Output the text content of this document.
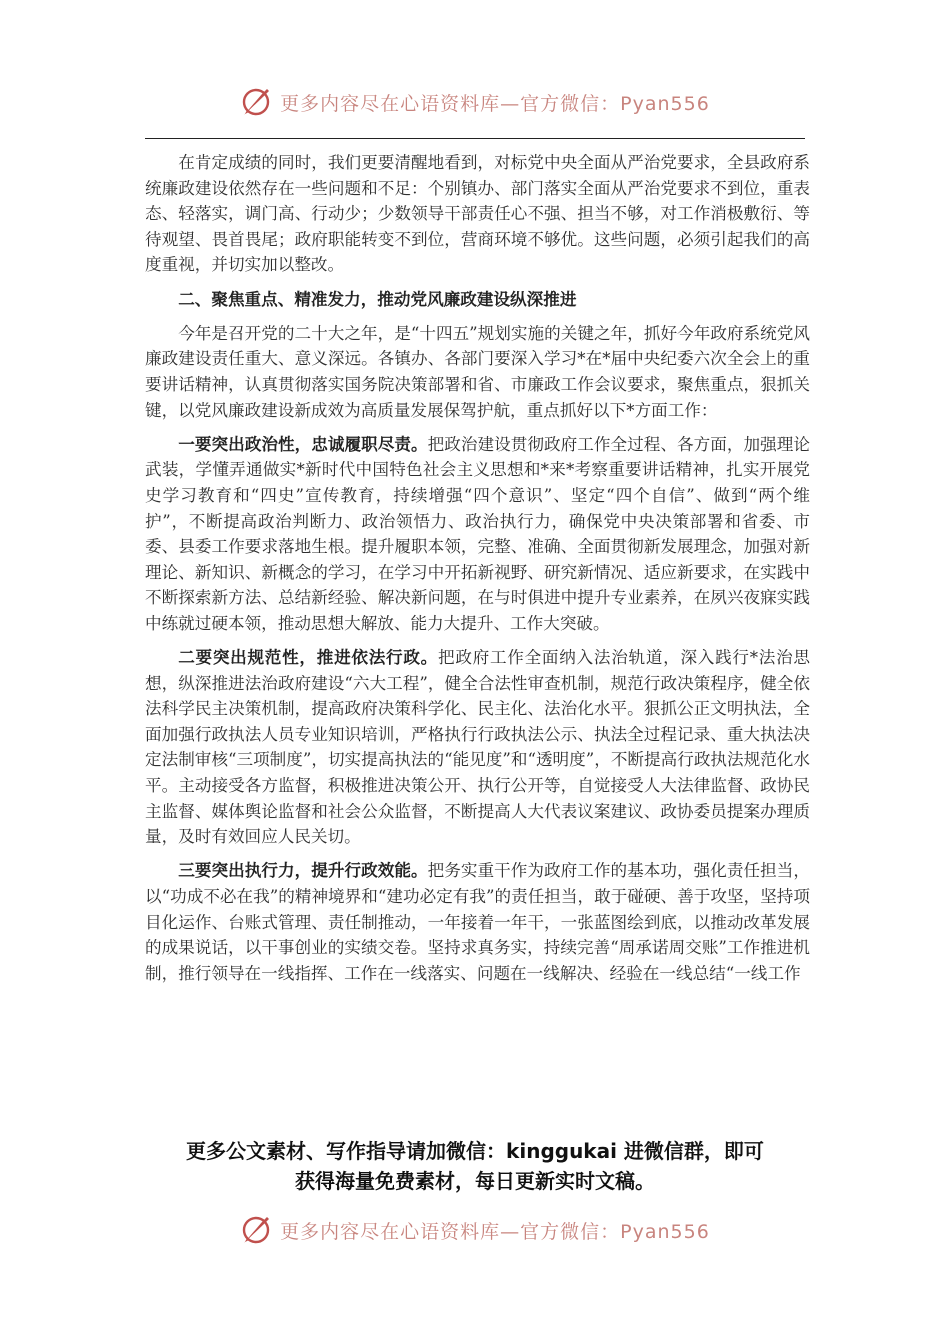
更多内容尽在心语资料库—官方微信：Pyan556

在肯定成绩的同时，我们更要清醒地看到，对标党中央全面从严治党要求，全县政府系统廉政建设依然存在一些问题和不足：个别镇办、部门落实全面从严治党要求不到位，重表态、轻落实，调门高、行动少；少数领导干部责任心不强、担当不够，对工作消极敷衍、等待观望、畏首畏尾；政府职能转变不到位，营商环境不够优。这些问题，必须引起我们的高度重视，并切实加以整改。

二、聚焦重点、精准发力，推动党风廉政建设纵深推进

今年是召开党的二十大之年，是“十四五”规划实施的关键之年，抓好今年政府系统党风廉政建设责任重大、意义深远。各镇办、各部门要深入学习*在*届中央纪委六次全会上的重要讲话精神，认真贯彻落实国务院决策部署和省、市廉政工作会议要求，聚焦重点，狠抓关键，以党风廉政建设新成效为高质量发展保驾护航，重点抓好以下*方面工作：

一要突出政治性，忠诚履职尽责。把政治建设贯彻政府工作全过程、各方面，加强理论武装，学懂弄通做实*新时代中国特色社会主义思想和*来*考察重要讲话精神，扎实开展党史学习教育和“四史”宣传教育，持续增强“四个意识”、坚定“四个自信”、做到“两个维护”，不断提高政治判断力、政治领悟力、政治执行力，确保党中央决策部署和省委、市委、县委工作要求落地生根。提升履职本领，完整、准确、全面贯彻新发展理念，加强对新理论、新知识、新概念的学习，在学习中开拓新视野、研究新情况、适应新要求，在实践中不断探索新方法、总结新经验、解决新问题，在与时俱进中提升专业素养，在夙兴夜寐实践中练就过硬本领，推动思想大解放、能力大提升、工作大突破。

二要突出规范性，推进依法行政。把政府工作全面纳入法治轨道，深入践行*法治思想，纵深推进法治政府建设“六大工程”，健全合法性审查机制，规范行政决策程序，健全依法科学民主决策机制，提高政府决策科学化、民主化、法治化水平。狠抓公正文明执法，全面加强行政执法人员专业知识培训，严格执行行政执法公示、执法全过程记录、重大执法决定法制审核“三项制度”，切实提高执法的“能见度”和“透明度”，不断提高行政执法规范化水平。主动接受各方监督，积极推进决策公开、执行公开等，自觉接受人大法律监督、政协民主监督、媒体舆论监督和社会公众监督，不断提高人大代表议案建议、政协委员提案办理质量，及时有效回应人民关切。

三要突出执行力，提升行政效能。把务实重干作为政府工作的基本功，强化责任担当，以“功成不必在我”的精神境界和“建功必定有我”的责任担当，敢于碰硬、善于攻坚，坚持项目化运作、台账式管理、责任制推动，一年接着一年干，一张蓝图绘到底，以推动改革发展的成果说话，以干事创业的实绩交卷。坚持求真务实，持续完善“周承诺周交账”工作推进机制，推行领导在一线指挥、工作在一线落实、问题在一线解决、经验在一线总结“一线工作

更多公文素材、写作指导请加微信：kinggukai 进微信群，即可
获得海量免费素材，每日更新实时文稿。
更多内容尽在心语资料库—官方微信：Pyan556
